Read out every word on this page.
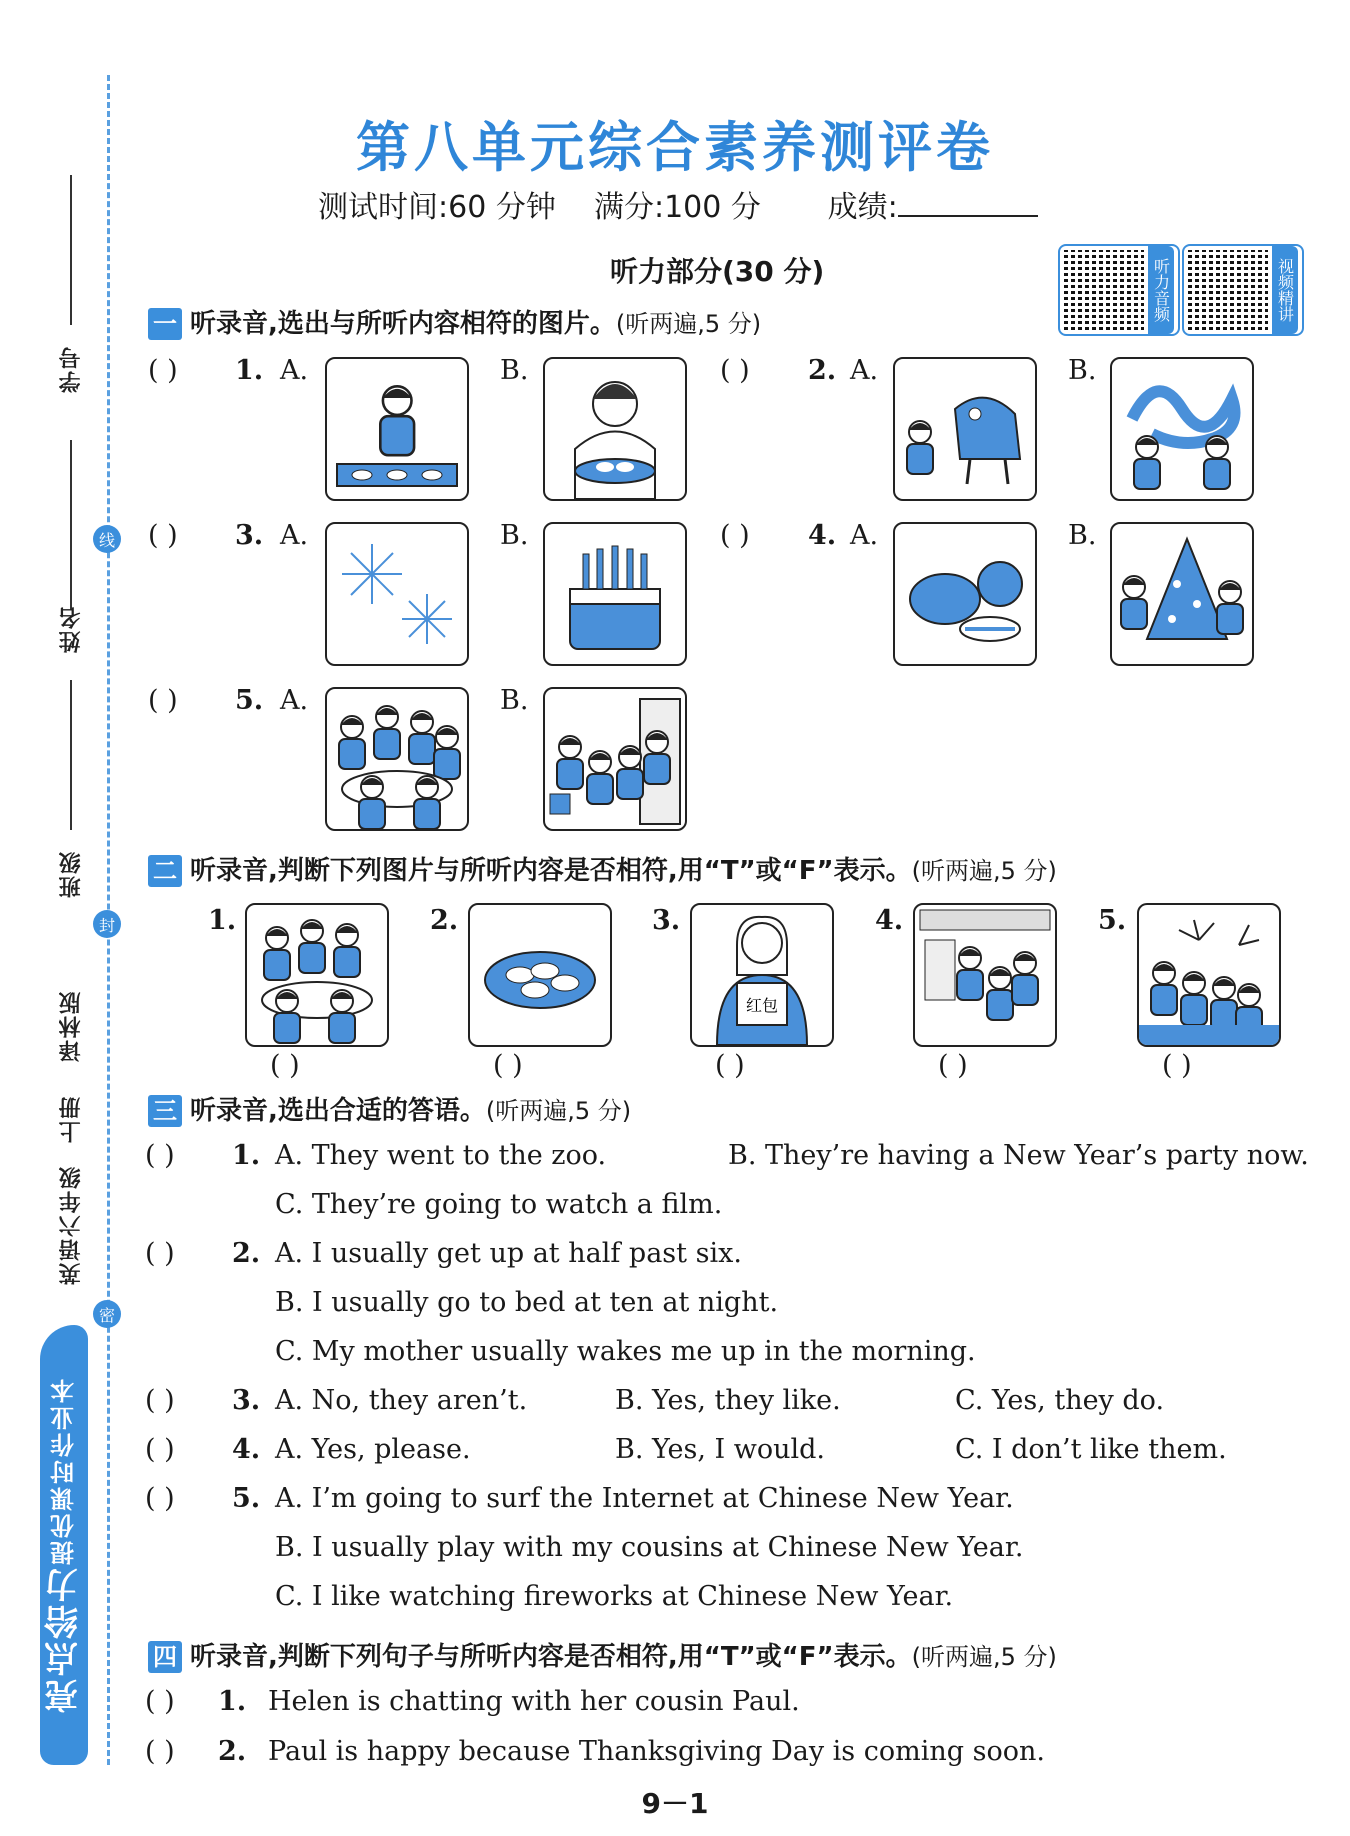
线
封
密
学号
姓名
班级
译林版
上册
英语六年级
亮点给力
提优课时作业本
第八单元综合素养测评卷
测试时间:60 分钟 满分:100 分 成绩:
听力部分(30 分)	听力音频	视频精讲
一 听录音,选出与所听内容相符的图片。(听两遍,5 分)
( ) 1. A.	B.	( ) 2. A.	B.
( ) 3. A.	B.	( ) 4. A.	B.
( ) 5. A.	B.
二 听录音,判断下列图片与所听内容是否相符,用“T”或“F”表示。(听两遍,5 分)
1.
( )
2.
( )
3.
红包
( )
4.
( )
5.
( )
三 听录音,选出合适的答语。(听两遍,5 分)
( ) 1. A. They went to the zoo.	B. They’re having a New Year’s party now.
C. They’re going to watch a film.
( ) 2. A. I usually get up at half past six.
B. I usually go to bed at ten at night.
C. My mother usually wakes me up in the morning.
( ) 3. A. No, they aren’t.	B. Yes, they like.	C. Yes, they do.
( ) 4. A. Yes, please.	B. Yes, I would.	C. I don’t like them.
( ) 5. A. I’m going to surf the Internet at Chinese New Year.
B. I usually play with my cousins at Chinese New Year.
C. I like watching fireworks at Chinese New Year.
四 听录音,判断下列句子与所听内容是否相符,用“T”或“F”表示。(听两遍,5 分)
( ) 1. Helen is chatting with her cousin Paul.
( ) 2. Paul is happy because Thanksgiving Day is coming soon.
9－1
